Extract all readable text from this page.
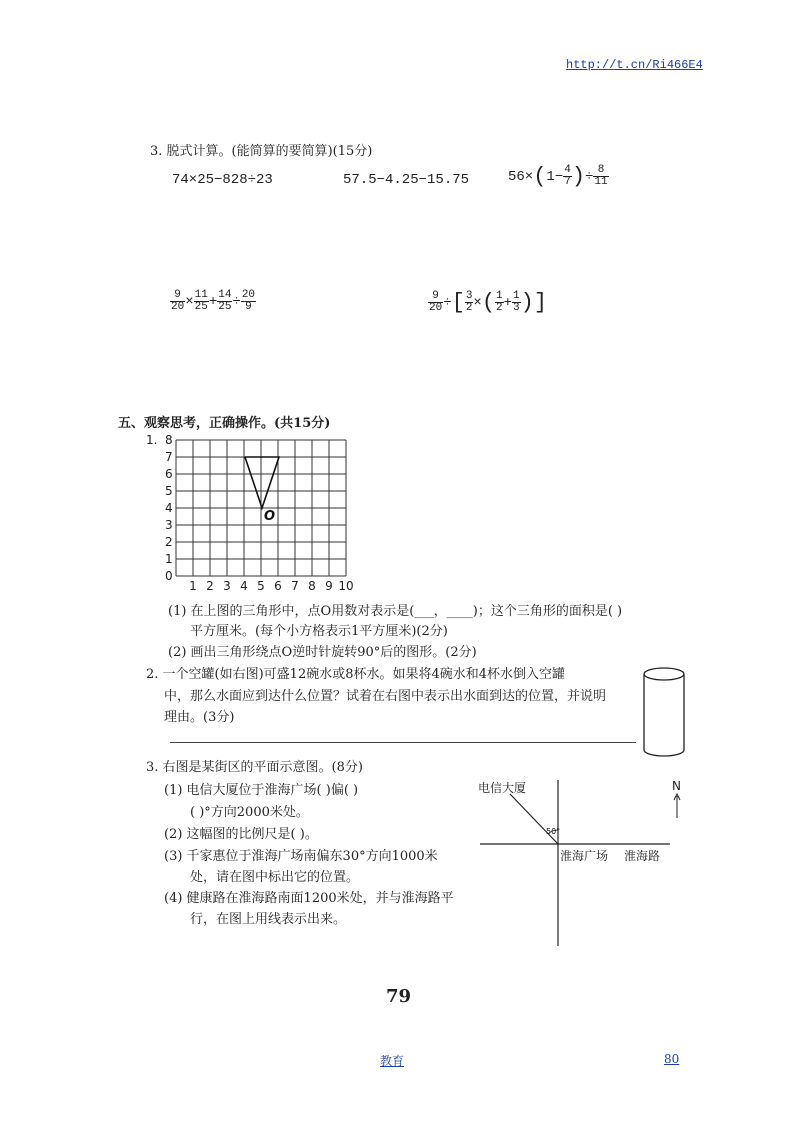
http://t.cn/Ri466E4
3. 脱式计算。(能简算的要简算)(15分)
74×25−828÷23	57.5−4.25−15.75	$56\times(1- \frac{4}{7}$ )÷ $\frac{8}{11}$
$\frac{9}{20} \times \frac{11}{25} + \frac{14}{25} \div \frac{20}{9}$	$\frac{9}{20}$ ÷[ $\frac{3}{2}$ ×( $\frac{1}{2} + \frac{1}{3}$ )]
五、观察思考，正确操作。(共15分)
1. 8
7
6
5
4
3
2
1
0
1 2 3 4 5 6 7 8 9 10
O
(1) 在上图的三角形中，点O用数对表示是(___，____)；这个三角形的面积是( )
平方厘米。(每个小方格表示1平方厘米)(2分)
(2) 画出三角形绕点O逆时针旋转90°后的图形。(2分)
2. 一个空罐(如右图)可盛12碗水或8杯水。如果将4碗水和4杯水倒入空罐
中，那么水面应到达什么位置？试着在右图中表示出水面到达的位置，并说明
理由。(3分)
3. 右图是某街区的平面示意图。(8分)
(1) 电信大厦位于淮海广场( )偏( )
( )°方向2000米处。
(2) 这幅图的比例尺是( )。
(3) 千家惠位于淮海广场南偏东30°方向1000米
处，请在图中标出它的位置。
(4) 健康路在淮海路南面1200米处，并与淮海路平
行，在图上用线表示出来。
电信大厦
50°
淮海广场 淮海路
N
79
教育	80
